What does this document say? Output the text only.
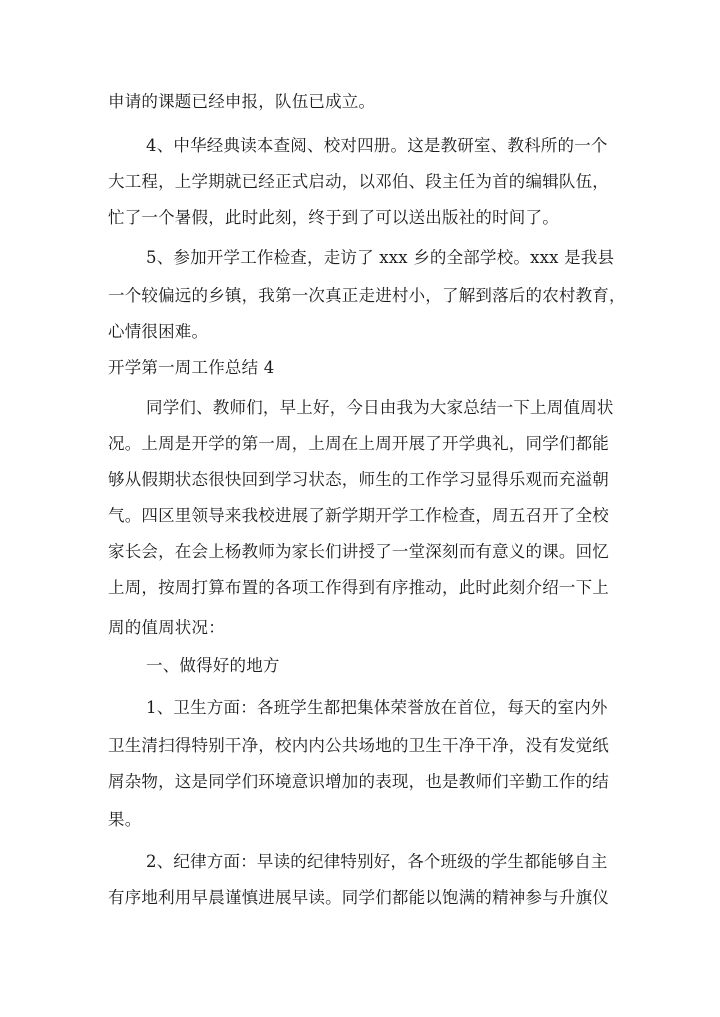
申请的课题已经申报，队伍已成立。
4、中华经典读本查阅、校对四册。这是教研室、教科所的一个
大工程，上学期就已经正式启动，以邓伯、段主任为首的编辑队伍，
忙了一个暑假，此时此刻，终于到了可以送出版社的时间了。
5、参加开学工作检查，走访了 xxx 乡的全部学校。xxx 是我县
一个较偏远的乡镇，我第一次真正走进村小，了解到落后的农村教育，
心情很困难。
开学第一周工作总结 4
同学们、教师们，早上好，今日由我为大家总结一下上周值周状
况。上周是开学的第一周，上周在上周开展了开学典礼，同学们都能
够从假期状态很快回到学习状态，师生的工作学习显得乐观而充溢朝
气。四区里领导来我校进展了新学期开学工作检查，周五召开了全校
家长会，在会上杨教师为家长们讲授了一堂深刻而有意义的课。回忆
上周，按周打算布置的各项工作得到有序推动，此时此刻介绍一下上
周的值周状况：
一、做得好的地方
1、卫生方面：各班学生都把集体荣誉放在首位，每天的室内外
卫生清扫得特别干净，校内内公共场地的卫生干净干净，没有发觉纸
屑杂物，这是同学们环境意识增加的表现，也是教师们辛勤工作的结
果。
2、纪律方面：早读的纪律特别好，各个班级的学生都能够自主
有序地利用早晨谨慎进展早读。同学们都能以饱满的精神参与升旗仪
